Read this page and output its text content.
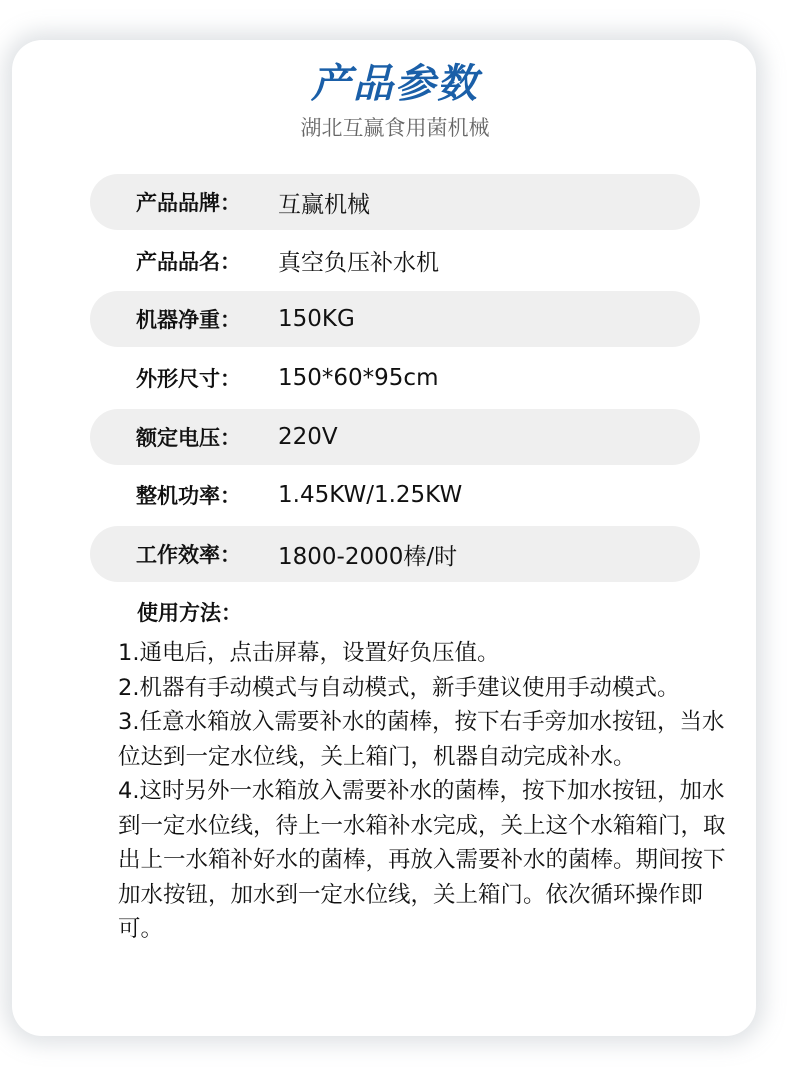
产品参数
湖北互赢食用菌机械
产品品牌： 互赢机械
产品品名： 真空负压补水机
机器净重： 150KG
外形尺寸： 150*60*95cm
额定电压： 220V
整机功率： 1.45KW/1.25KW
工作效率： 1800-2000棒/时
使用方法：
1.通电后，点击屏幕，设置好负压值。
2.机器有手动模式与自动模式，新手建议使用手动模式。
3.任意水箱放入需要补水的菌棒，按下右手旁加水按钮，当水位达到一定水位线，关上箱门，机器自动完成补水。
4.这时另外一水箱放入需要补水的菌棒，按下加水按钮，加水到一定水位线，待上一水箱补水完成，关上这个水箱箱门，取出上一水箱补好水的菌棒，再放入需要补水的菌棒。期间按下加水按钮，加水到一定水位线，关上箱门。依次循环操作即可。
